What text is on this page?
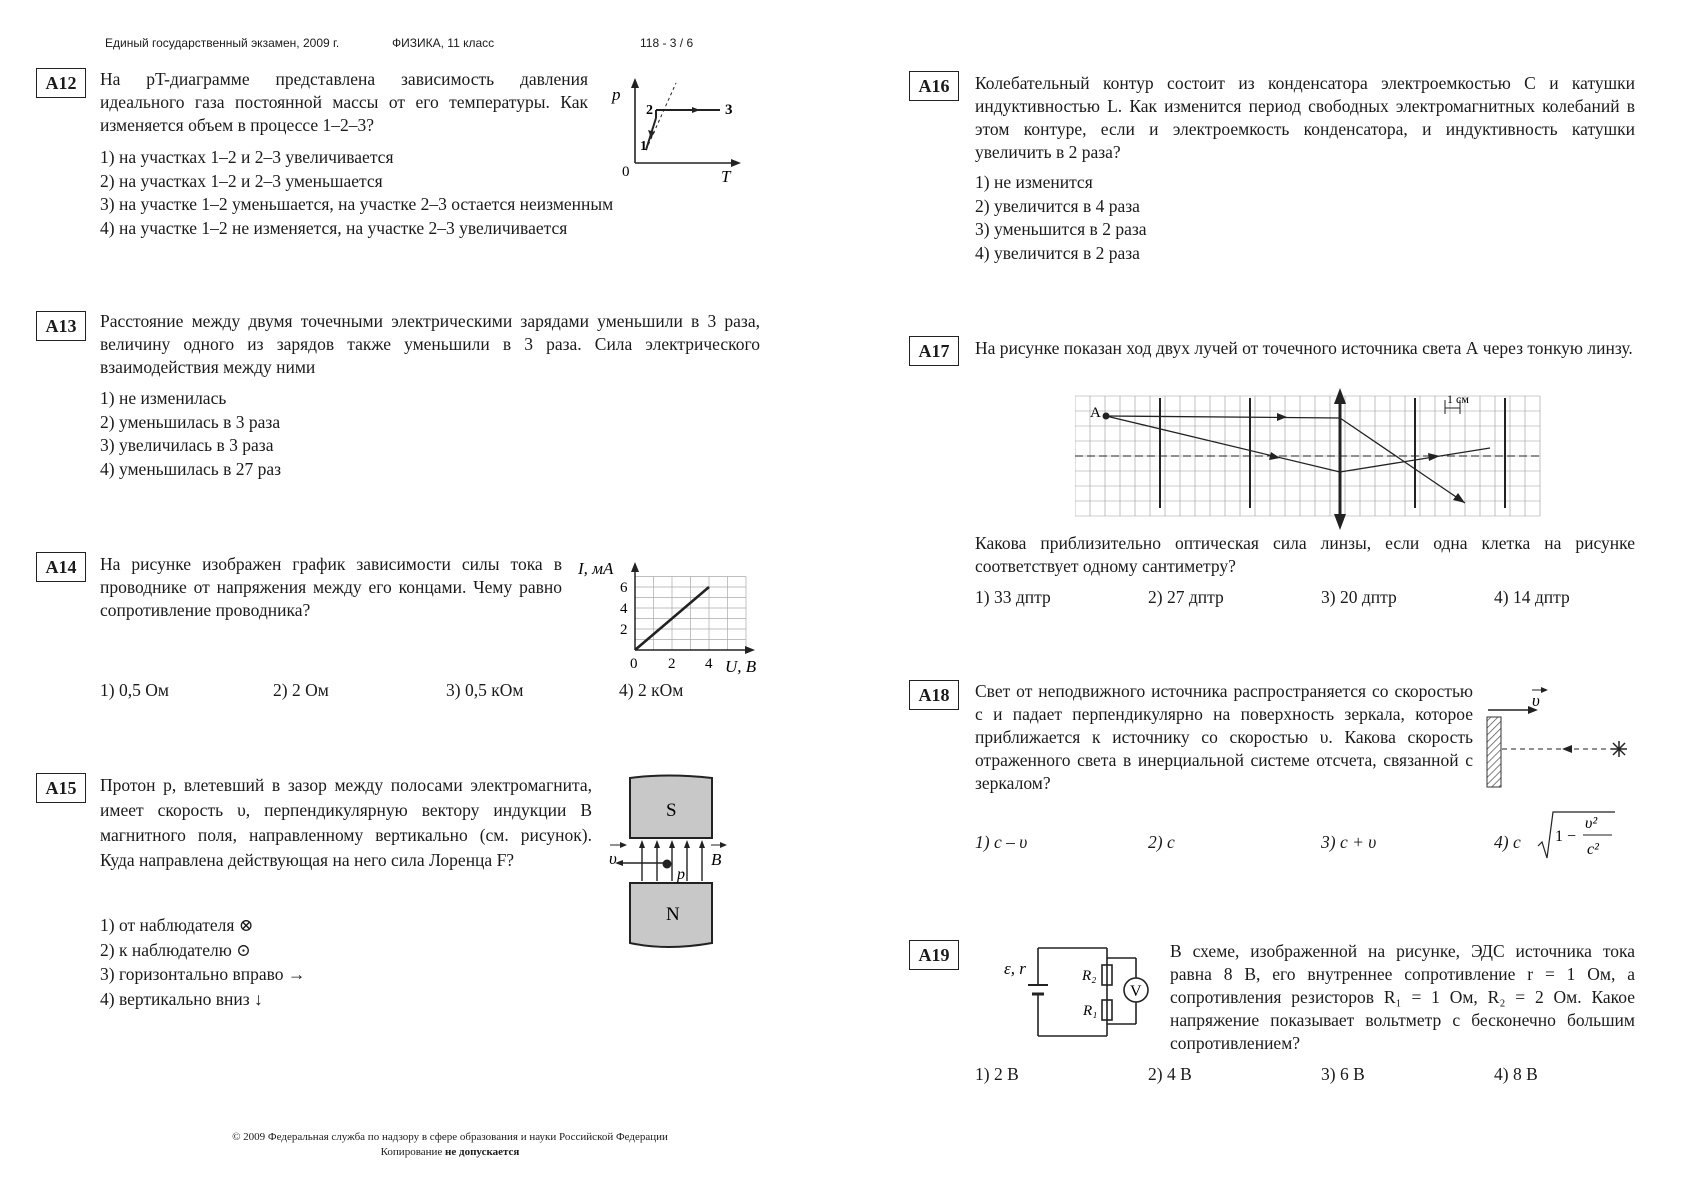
Единый государственный экзамен, 2009 г.	ФИЗИКА, 11 класс	118 - 3 / 6
A12	На pT-диаграмме представлена зависимость давления идеального газа постоянной массы от его температуры. Как изменяется объем в процессе 1–2–3?
p
T
0
1
2	3
1) на участках 1–2 и 2–3 увеличивается
2) на участках 1–2 и 2–3 уменьшается
3) на участке 1–2 уменьшается, на участке 2–3 остается неизменным
4) на участке 1–2 не изменяется, на участке 2–3 увеличивается
A13	Расстояние между двумя точечными электрическими зарядами уменьшили в 3 раза, величину одного из зарядов также уменьшили в 3 раза. Сила электрического взаимодействия между ними
1) не изменилась
2) уменьшилась в 3 раза
3) увеличилась в 3 раза
4) уменьшилась в 27 раз
A14	На рисунке изображен график зависимости силы тока в проводнике от напряжения между его концами. Чему равно сопротивление проводника?
I, мА
U, В
0 2 4
2
4
6
1) 0,5 Ом	2) 2 Ом	3) 0,5 кОм	4) 2 кОм
A15	Протон p, влетевший в зазор между полосами электромагнита, имеет скорость υ, перпендикулярную вектору индукции B магнитного поля, направленному вертикально (см. рисунок). Куда направлена действующая на него сила Лоренца F?
S
N
υ	B
p
1) от наблюдателя ⊗
2) к наблюдателю ⊙
3) горизонтально вправо →
4) вертикально вниз ↓
A16	Колебательный контур состоит из конденсатора электроемкостью C и катушки индуктивностью L. Как изменится период свободных электромагнитных колебаний в этом контуре, если и электроемкость конденсатора, и индуктивность катушки увеличить в 2 раза?
1) не изменится
2) увеличится в 4 раза
3) уменьшится в 2 раза
4) увеличится в 2 раза
A17	На рисунке показан ход двух лучей от точечного источника света А через тонкую линзу.
A
1 см
Какова приблизительно оптическая сила линзы, если одна клетка на рисунке соответствует одному сантиметру?
1) 33 дптр	2) 27 дптр	3) 20 дптр	4) 14 дптр
A18	Свет от неподвижного источника распространяется со скоростью c и падает перпендикулярно на поверхность зеркала, которое приближается к источнику со скоростью υ. Какова скорость отраженного света в инерциальной системе отсчета, связанной с зеркалом?
υ
1) c – υ	2) c	3) c + υ	4) c	1 −
υ²
c²
A19
ε, r	R₂
R₁
V
В схеме, изображенной на рисунке, ЭДС источника тока равна 8 В, его внутреннее сопротивление r = 1 Ом, а сопротивления резисторов R₁ = 1 Ом, R₂ = 2 Ом. Какое напряжение показывает вольтметр с бесконечно большим сопротивлением?
1) 2 В	2) 4 В	3) 6 В	4) 8 В
© 2009 Федеральная служба по надзору в сфере образования и науки Российской Федерации
Копирование не допускается
